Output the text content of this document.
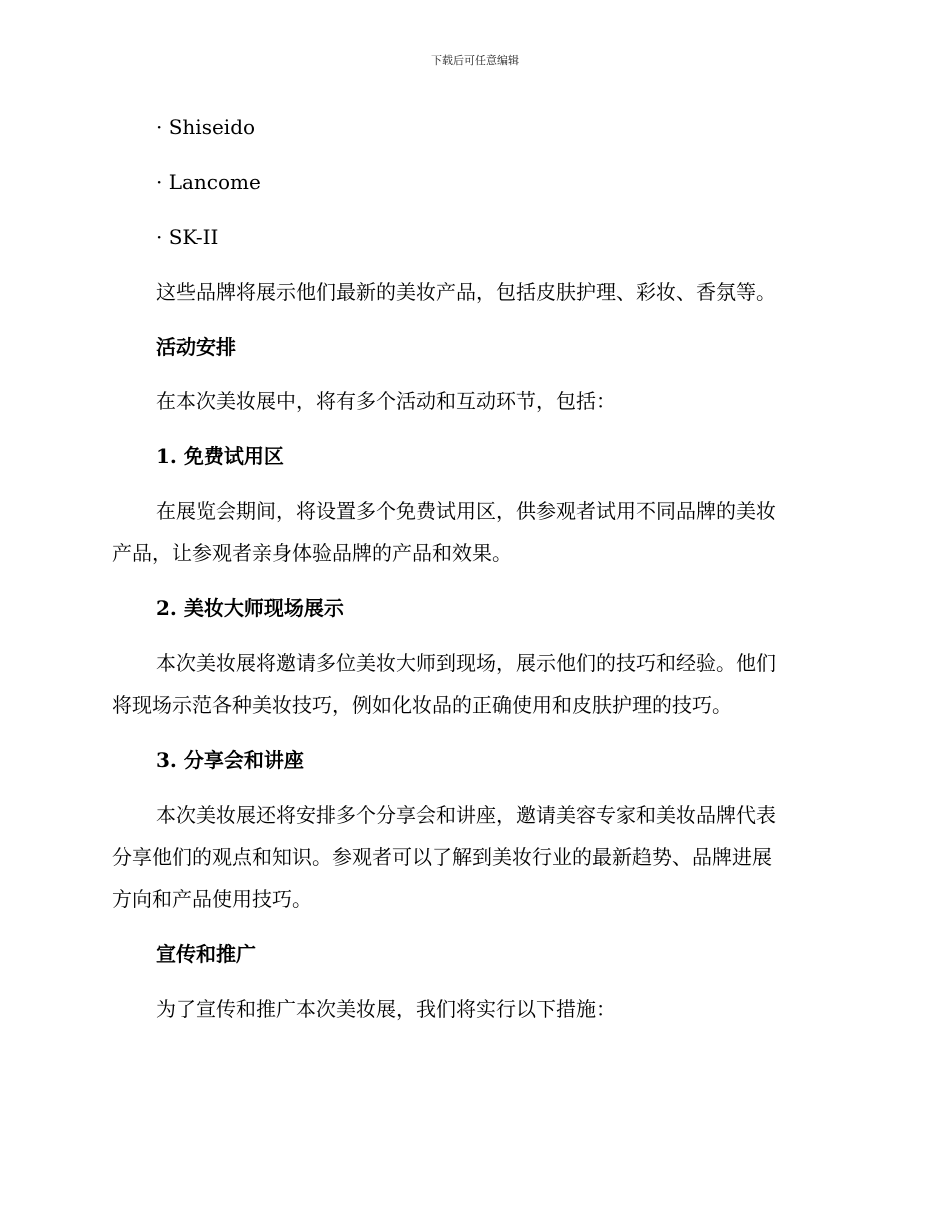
下载后可任意编辑
· Shiseido
· Lancome
· SK-II
这些品牌将展示他们最新的美妆产品，包括皮肤护理、彩妆、香氛等。
活动安排
在本次美妆展中，将有多个活动和互动环节，包括：
1. 免费试用区
在展览会期间，将设置多个免费试用区，供参观者试用不同品牌的美妆
产品，让参观者亲身体验品牌的产品和效果。
2. 美妆大师现场展示
本次美妆展将邀请多位美妆大师到现场，展示他们的技巧和经验。他们
将现场示范各种美妆技巧，例如化妆品的正确使用和皮肤护理的技巧。
3. 分享会和讲座
本次美妆展还将安排多个分享会和讲座，邀请美容专家和美妆品牌代表
分享他们的观点和知识。参观者可以了解到美妆行业的最新趋势、品牌进展
方向和产品使用技巧。
宣传和推广
为了宣传和推广本次美妆展，我们将实行以下措施：
